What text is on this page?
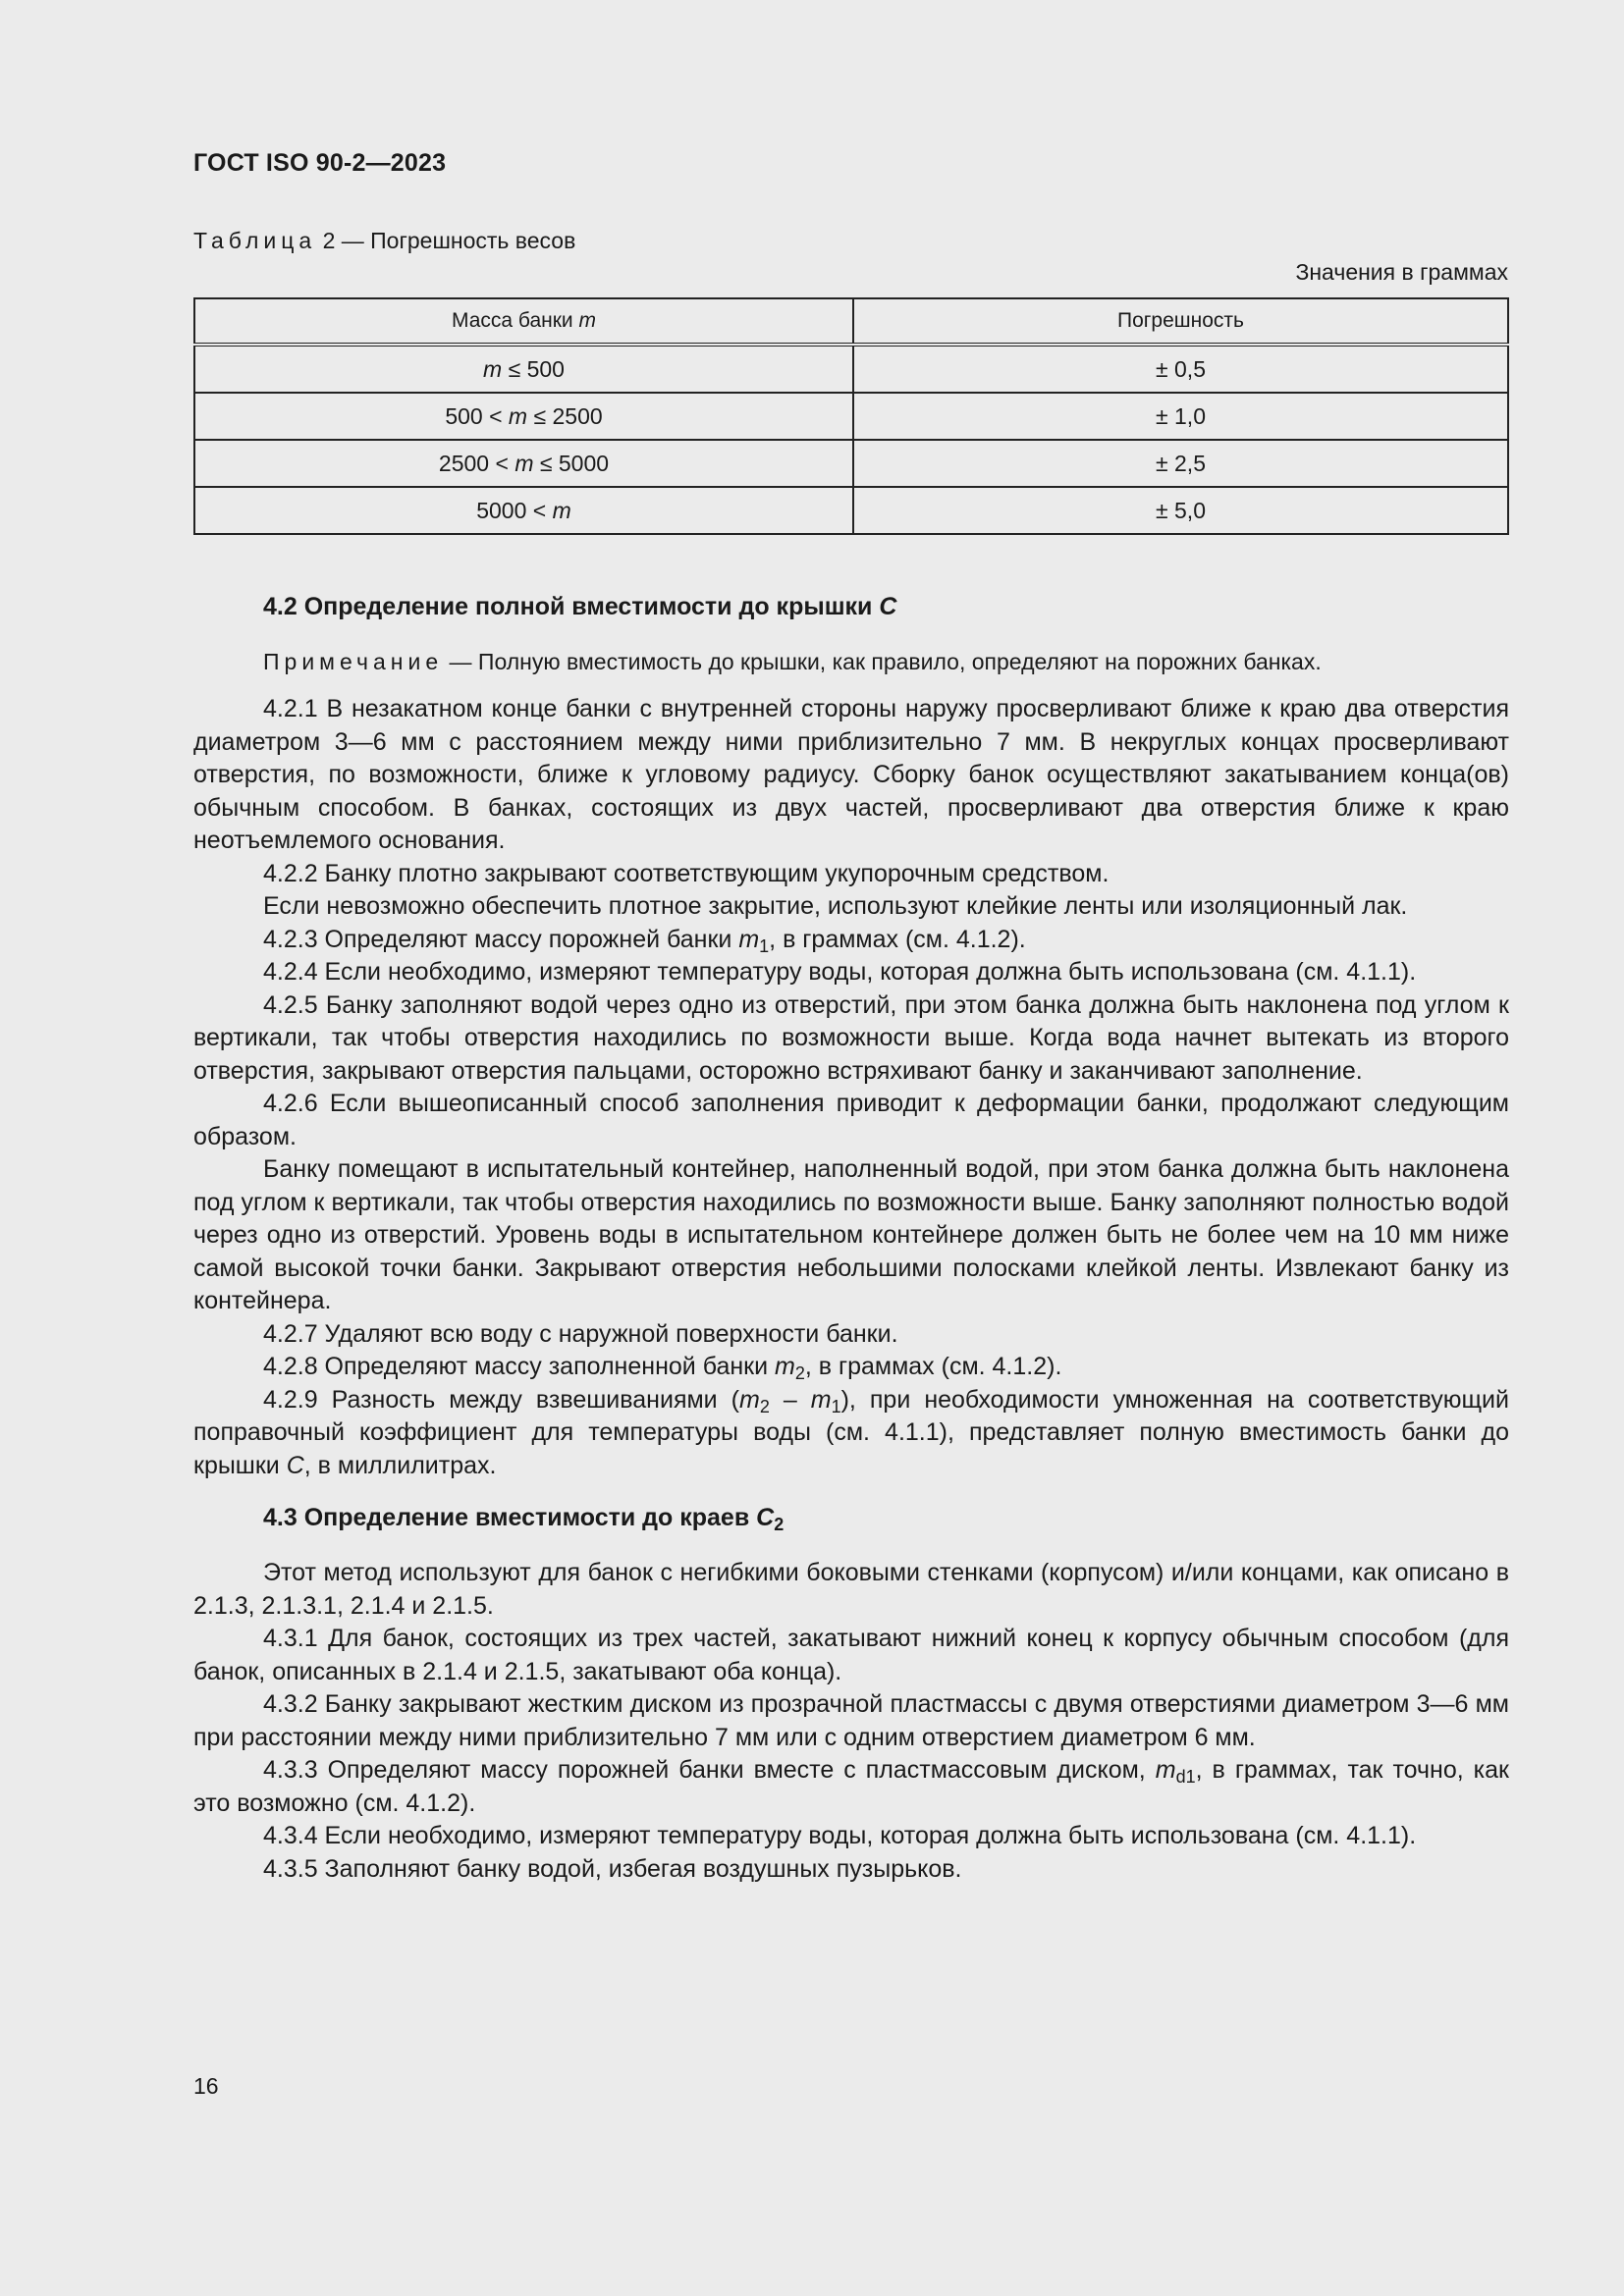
ГОСТ ISO 90-2—2023
Таблица 2 — Погрешность весов
Значения в граммах
Масса банки m	Погрешность
m ≤ 500	± 0,5
500 < m ≤ 2500	± 1,0
2500 < m ≤ 5000	± 2,5
5000 < m	± 5,0
4.2 Определение полной вместимости до крышки C

Примечание — Полную вместимость до крышки, как правило, определяют на порожних банках.

4.2.1 В незакатном конце банки с внутренней стороны наружу просверливают ближе к краю два отверстия диаметром 3—6 мм с расстоянием между ними приблизительно 7 мм. В некруглых концах просверливают отверстия, по возможности, ближе к угловому радиусу. Сборку банок осуществляют закатыванием конца(ов) обычным способом. В банках, состоящих из двух частей, просверливают два отверстия ближе к краю неотъемлемого основания.

4.2.2 Банку плотно закрывают соответствующим укупорочным средством.

Если невозможно обеспечить плотное закрытие, используют клейкие ленты или изоляционный лак.

4.2.3 Определяют массу порожней банки $m_1$, в граммах (см. 4.1.2).

4.2.4 Если необходимо, измеряют температуру воды, которая должна быть использована (см. 4.1.1).

4.2.5 Банку заполняют водой через одно из отверстий, при этом банка должна быть наклонена под углом к вертикали, так чтобы отверстия находились по возможности выше. Когда вода начнет вытекать из второго отверстия, закрывают отверстия пальцами, осторожно встряхивают банку и заканчивают заполнение.

4.2.6 Если вышеописанный способ заполнения приводит к деформации банки, продолжают следующим образом.

Банку помещают в испытательный контейнер, наполненный водой, при этом банка должна быть наклонена под углом к вертикали, так чтобы отверстия находились по возможности выше. Банку заполняют полностью водой через одно из отверстий. Уровень воды в испытательном контейнере должен быть не более чем на 10 мм ниже самой высокой точки банки. Закрывают отверстия небольшими полосками клейкой ленты. Извлекают банку из контейнера.

4.2.7 Удаляют всю воду с наружной поверхности банки.

4.2.8 Определяют массу заполненной банки $m_2$, в граммах (см. 4.1.2).

4.2.9 Разность между взвешиваниями $(m_2 - m_1)$, при необходимости умноженная на соответствующий поправочный коэффициент для температуры воды (см. 4.1.1), представляет полную вместимость банки до крышки C, в миллилитрах.

4.3 Определение вместимости до краев $C_2$

Этот метод используют для банок с негибкими боковыми стенками (корпусом) и/или концами, как описано в 2.1.3, 2.1.3.1, 2.1.4 и 2.1.5.

4.3.1 Для банок, состоящих из трех частей, закатывают нижний конец к корпусу обычным способом (для банок, описанных в 2.1.4 и 2.1.5, закатывают оба конца).

4.3.2 Банку закрывают жестким диском из прозрачной пластмассы с двумя отверстиями диаметром 3—6 мм при расстоянии между ними приблизительно 7 мм или с одним отверстием диаметром 6 мм.

4.3.3 Определяют массу порожней банки вместе с пластмассовым диском, $m_{d1}$, в граммах, так точно, как это возможно (см. 4.1.2).

4.3.4 Если необходимо, измеряют температуру воды, которая должна быть использована (см. 4.1.1).

4.3.5 Заполняют банку водой, избегая воздушных пузырьков.

16
